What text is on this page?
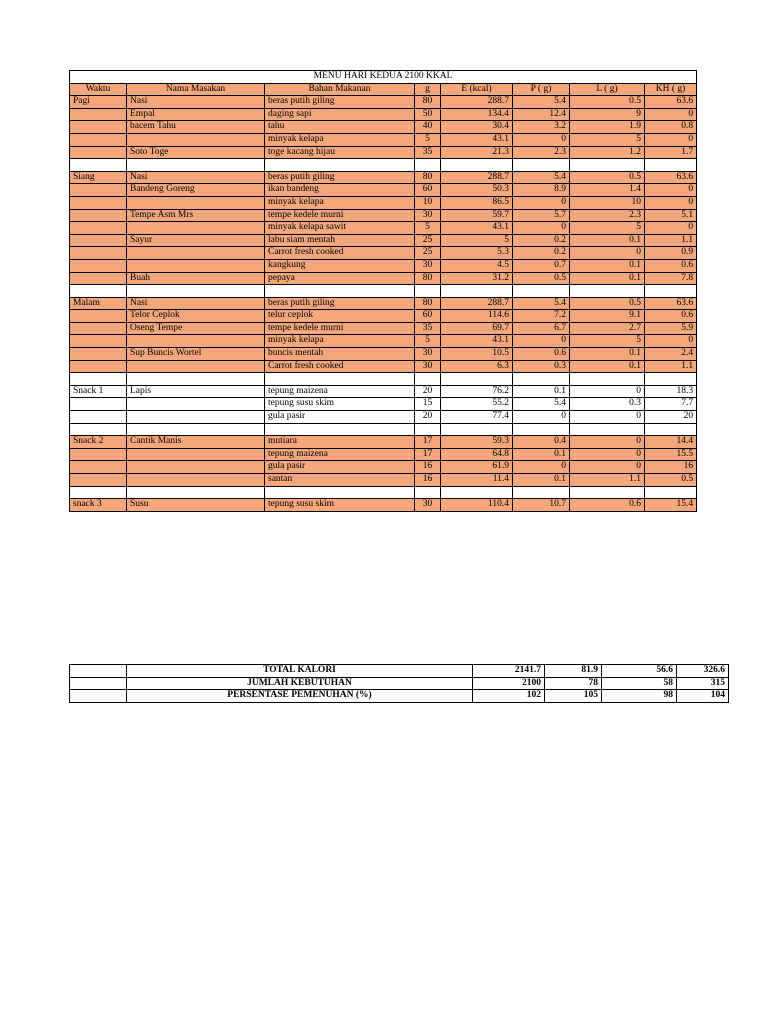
MENU HARI KEDUA 2100 KKAL							
Waktu	Nama Masakan	Bahan Makanan	g	E (kcal)	P ( g)	L ( g)	KH ( g)
Pagi	Nasi	beras putih giling	80	288.7	5.4	0.5	63.6
	Empal	daging sapi	50	134.4	12.4	9	0
	bacem Tahu	tahu	40	30.4	3.2	1.9	0.8
		minyak kelapa	5	43.1	0	5	0
	Soto Toge	toge kacang hijau	35	21.3	2.3	1.2	1.7

Siang	Nasi	beras putih giling	80	288.7	5.4	0.5	63.6
	Bandeng Goreng	ikan bandeng	60	50.3	8.9	1.4	0
		minyak kelapa	10	86.5	0	10	0
	Tempe Asm Mrs	tempe kedele murni	30	59.7	5.7	2.3	5.1
		minyak kelapa sawit	5	43.1	0	5	0
	Sayur	labu siam mentah	25	5	0.2	0.1	1.1
		Carrot fresh cooked	25	5.3	0.2	0	0.9
		kangkung	30	4.5	0.7	0.1	0.6
	Buah	pepaya	80	31.2	0.5	0.1	7.8

Malam	Nasi	beras putih giling	80	288.7	5.4	0.5	63.6
	Telor Ceplok	telur ceplok	60	114.6	7.2	9.1	0.6
	Oseng Tempe	tempe kedele murni	35	69.7	6.7	2.7	5.9
		minyak kelapa	5	43.1	0	5	0
	Sup Buncis Wortel	buncis mentah	30	10.5	0.6	0.1	2.4
		Carrot fresh cooked	30	6.3	0.3	0.1	1.1

Snack 1	Lapis	tepung maizena	20	76.2	0.1	0	18.3
		tepung susu skim	15	55.2	5.4	0.3	7.7
		gula pasir	20	77.4	0	0	20

Snack 2	Cantik Manis	mutiara	17	59.3	0.4	0	14.4
		tepung maizena	17	64.8	0.1	0	15.5
		gula pasir	16	61.9	0	0	16
		santan	16	11.4	0.1	1.1	0.5

snack 3	Susu	tepung susu skim	30	110.4	10.7	0.6	15.4
	TOTAL KALORI	2141.7	81.9	56.6	326.6
	JUMLAH KEBUTUHAN	2100	78	58	315
	PERSENTASE PEMENUHAN (%)	102	105	98	104
